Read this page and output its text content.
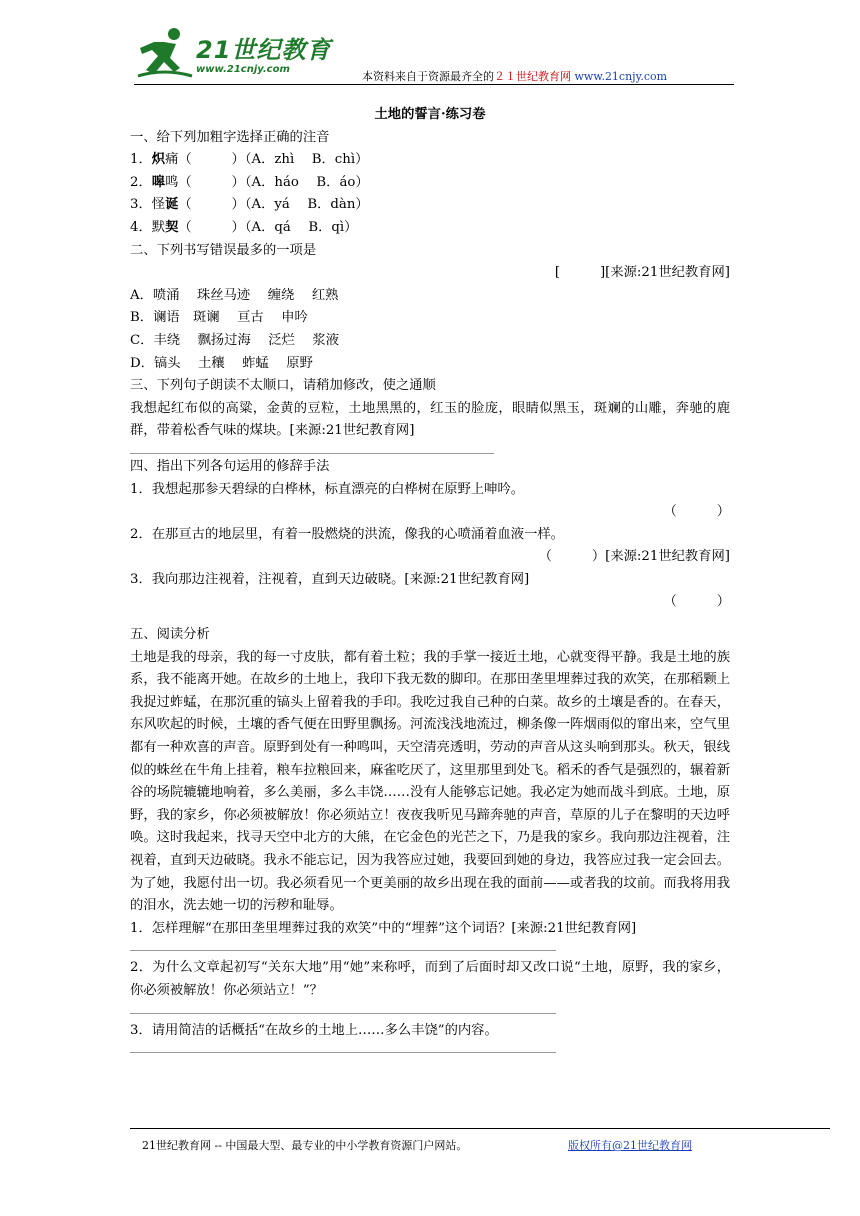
21世纪教育
www.21cnjy.com
本资料来自于资源最齐全的２１世纪教育网 www.21cnjy.com
土地的誓言·练习卷
一、给下列加粗字选择正确的注音
1．炽痛（　　　）（A．zhì　 B．chì）
2．嗥鸣（　　　）（A．háo　 B．áo）
3．怪诞（　　　）（A．yá　 B．dàn）
4．默契（　　　）（A．qá　 B．qì）
二、下列书写错误最多的一项是
[　　　][来源:21世纪教育网]
A．喷涌　 珠丝马迹　 缠绕　 红熟
B．谰语　斑谰　 亘古　 申吟
C．丰绕　 飘扬过海　 泛烂　 浆液
D．镐头　 土穰　 蚱蜢　 原野
三、下列句子朗读不太顺口，请稍加修改，使之通顺
我想起红布似的高粱，金黄的豆粒，土地黑黑的，红玉的脸庞，眼睛似黑玉，斑斓的山雕，奔驰的鹿群，带着松香气味的煤块。[来源:21世纪教育网]
四、指出下列各句运用的修辞手法
1．我想起那参天碧绿的白桦林，标直漂亮的白桦树在原野上呻吟。
（　　　）
2．在那亘古的地层里，有着一股燃烧的洪流，像我的心喷涌着血液一样。
（　　　）[来源:21世纪教育网]
3．我向那边注视着，注视着，直到天边破晓。[来源:21世纪教育网]
（　　　）
五、阅读分析
土地是我的母亲，我的每一寸皮肤，都有着土粒；我的手掌一接近土地，心就变得平静。我是土地的族系，我不能离开她。在故乡的土地上，我印下我无数的脚印。在那田垄里埋葬过我的欢笑，在那稻颗上我捉过蚱蜢，在那沉重的镐头上留着我的手印。我吃过我自己种的白菜。故乡的土壤是香的。在春天，东风吹起的时候，土壤的香气便在田野里飘扬。河流浅浅地流过，柳条像一阵烟雨似的窜出来，空气里都有一种欢喜的声音。原野到处有一种鸣叫，天空清亮透明，劳动的声音从这头响到那头。秋天，银线似的蛛丝在牛角上挂着，粮车拉粮回来，麻雀吃厌了，这里那里到处飞。稻禾的香气是强烈的，辗着新谷的场院辘辘地响着，多么美丽，多么丰饶……没有人能够忘记她。我必定为她而战斗到底。土地，原野，我的家乡，你必须被解放！你必须站立！夜夜我听见马蹄奔驰的声音，草原的儿子在黎明的天边呼唤。这时我起来，找寻天空中北方的大熊，在它金色的光芒之下，乃是我的家乡。我向那边注视着，注视着，直到天边破晓。我永不能忘记，因为我答应过她，我要回到她的身边，我答应过我一定会回去。为了她，我愿付出一切。我必须看见一个更美丽的故乡出现在我的面前——或者我的坟前。而我将用我的泪水，洗去她一切的污秽和耻辱。
1．怎样理解“在那田垄里埋葬过我的欢笑”中的“埋葬”这个词语？[来源:21世纪教育网]
2．为什么文章起初写“关东大地”用“她”来称呼，而到了后面时却又改口说“土地，原野，我的家乡，你必须被解放！你必须站立！”？
3．请用简洁的话概括“在故乡的土地上……多么丰饶”的内容。
21世纪教育网 -- 中国最大型、最专业的中小学教育资源门户网站。	版权所有@21世纪教育网
